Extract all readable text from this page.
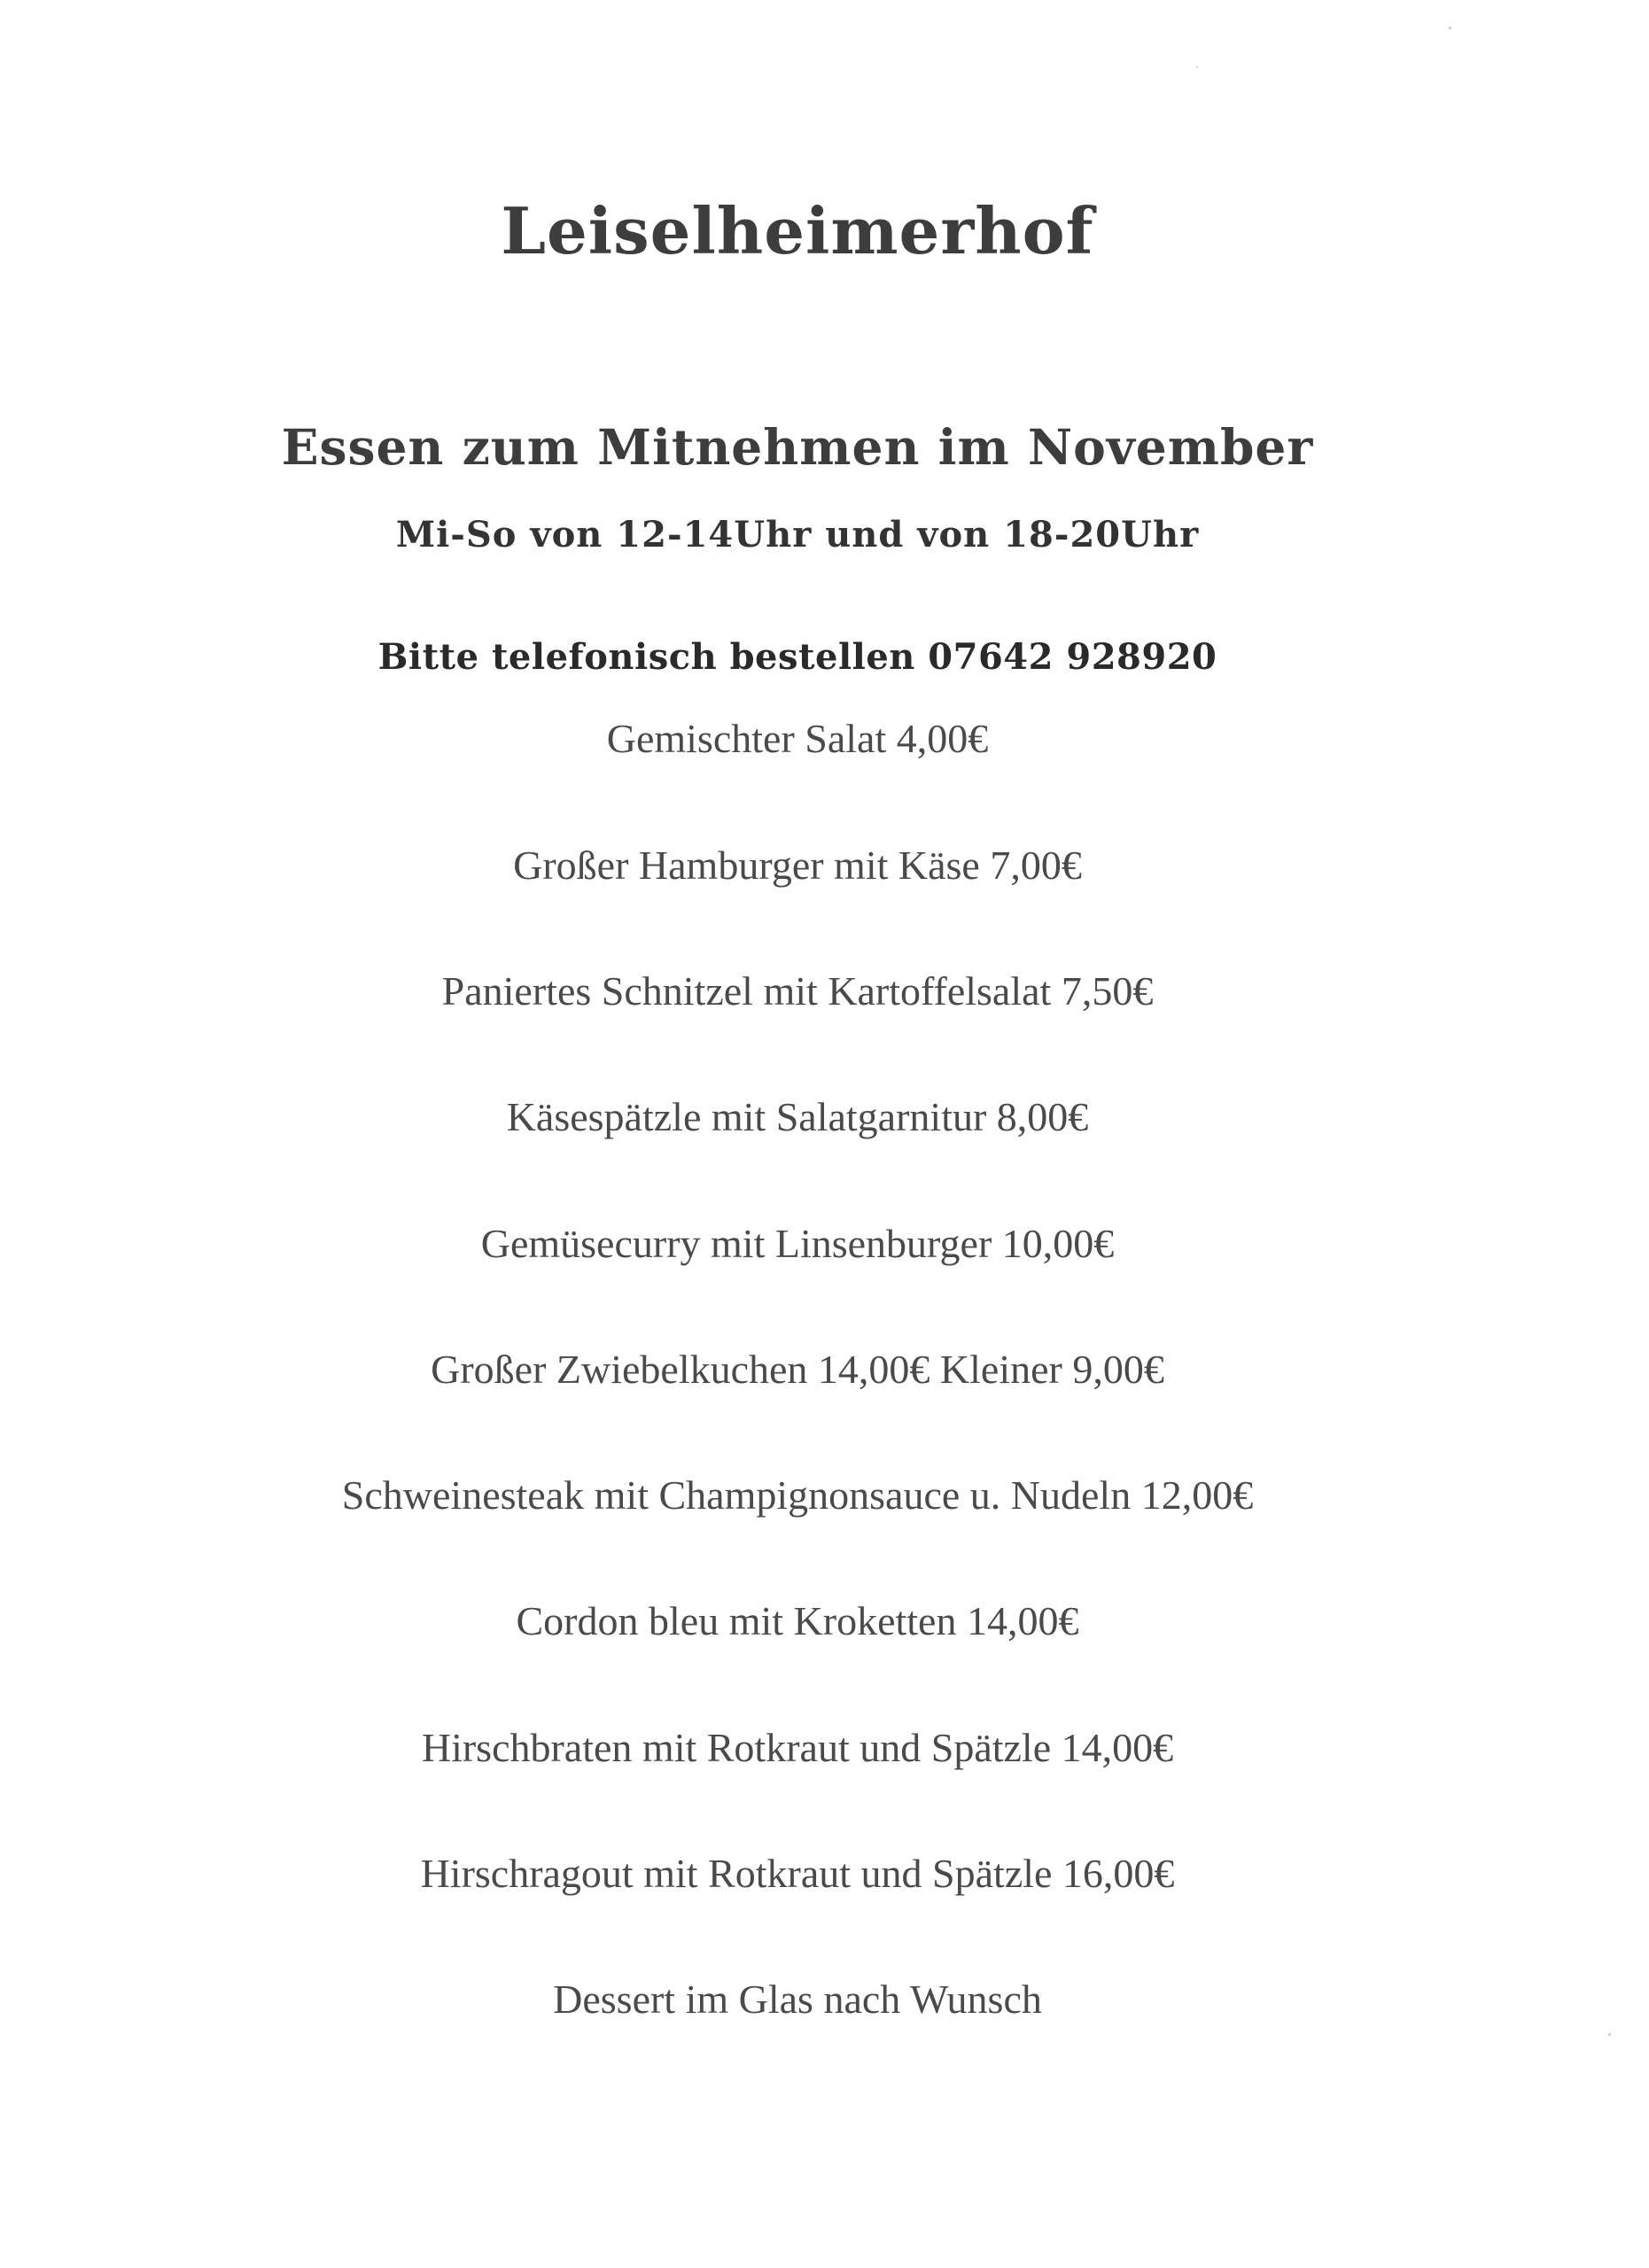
Leiselheimerhof
Essen zum Mitnehmen im November
Mi-So von 12-14Uhr und von 18-20Uhr
Bitte telefonisch bestellen 07642 928920
Gemischter Salat 4,00€
Großer Hamburger mit Käse 7,00€
Paniertes Schnitzel mit Kartoffelsalat 7,50€
Käsespätzle mit Salatgarnitur 8,00€
Gemüsecurry mit Linsenburger 10,00€
Großer Zwiebelkuchen 14,00€ Kleiner 9,00€
Schweinesteak mit Champignonsauce u. Nudeln 12,00€
Cordon bleu mit Kroketten 14,00€
Hirschbraten mit Rotkraut und Spätzle 14,00€
Hirschragout mit Rotkraut und Spätzle 16,00€
Dessert im Glas nach Wunsch
